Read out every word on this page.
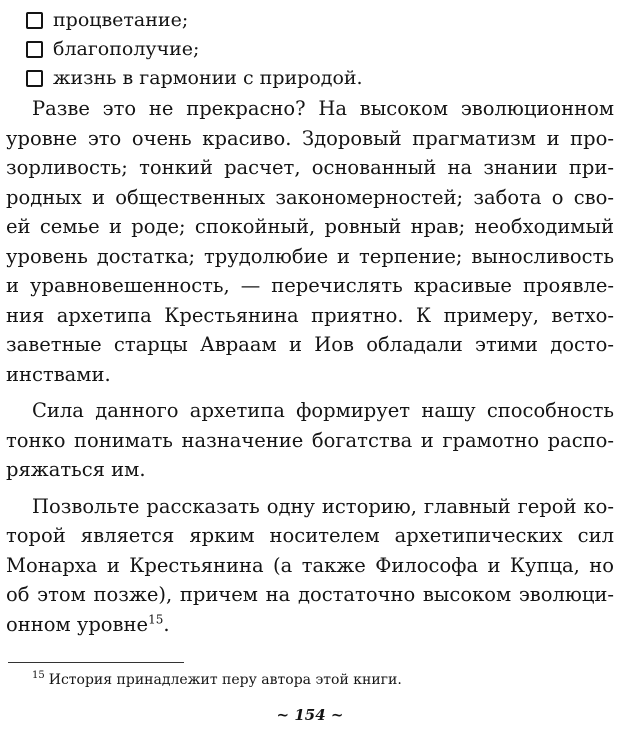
процветание;
благополучие;
жизнь в гармонии с природой.
Разве это не прекрасно? На высоком эволюционном
уровне это очень красиво. Здоровый прагматизм и про-
зорливость; тонкий расчет, основанный на знании при-
родных и общественных закономерностей; забота о сво-
ей семье и роде; спокойный, ровный нрав; необходимый
уровень достатка; трудолюбие и терпение; выносливость
и уравновешенность, — перечислять красивые проявле-
ния архетипа Крестьянина приятно. К примеру, ветхо-
заветные старцы Авраам и Иов обладали этими досто-
инствами.
Сила данного архетипа формирует нашу способность
тонко понимать назначение богатства и грамотно распо-
ряжаться им.
Позвольте рассказать одну историю, главный герой ко-
торой является ярким носителем архетипических сил
Монарха и Крестьянина (а также Философа и Купца, но
об этом позже), причем на достаточно высоком эволюци-
онном уровне$^{15}$.
$^{15}$ История принадлежит перу автора этой книги.
~ 154 ~
